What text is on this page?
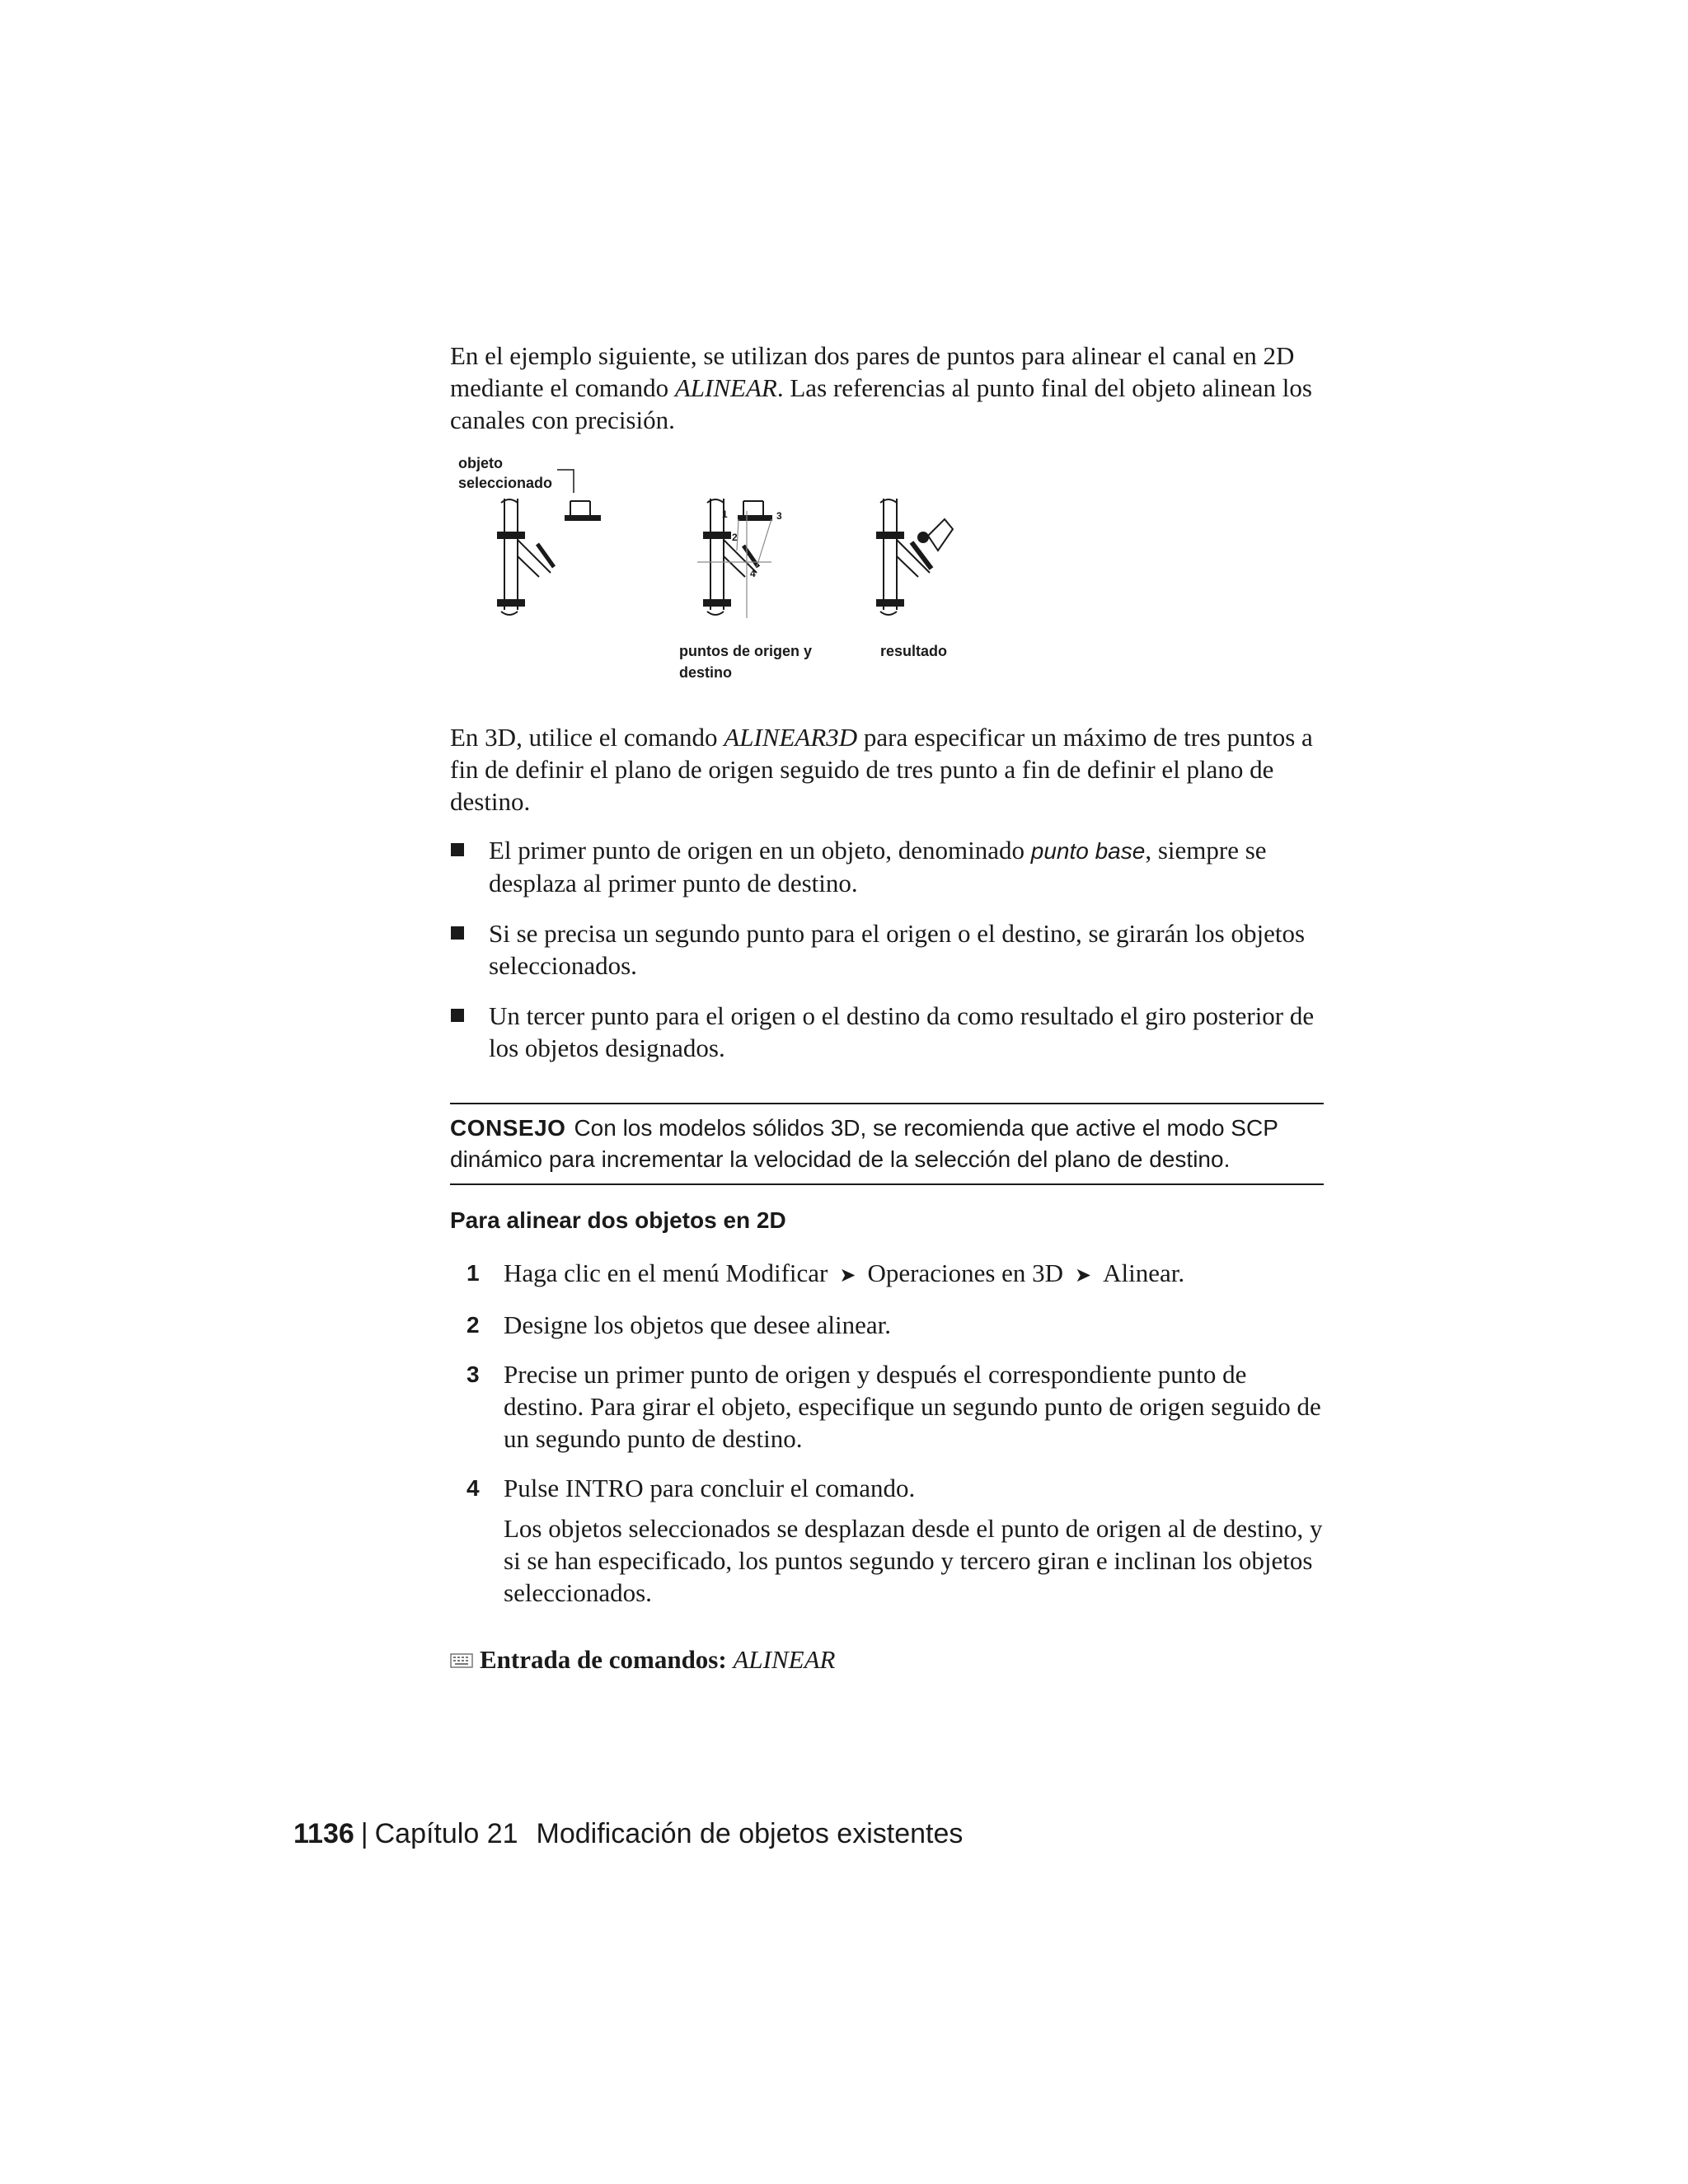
En el ejemplo siguiente, se utilizan dos pares de puntos para alinear el canal en 2D mediante el comando ALINEAR. Las referencias al punto final del objeto alinean los canales con precisión.

objeto
seleccionado
1
2
3
4
puntos de origen y
destino
resultado

En 3D, utilice el comando ALINEAR3D para especificar un máximo de tres puntos a fin de definir el plano de origen seguido de tres punto a fin de definir el plano de destino.

El primer punto de origen en un objeto, denominado punto base, siempre se desplaza al primer punto de destino.
Si se precisa un segundo punto para el origen o el destino, se girarán los objetos seleccionados.
Un tercer punto para el origen o el destino da como resultado el giro posterior de los objetos designados.
CONSEJO Con los modelos sólidos 3D, se recomienda que active el modo SCP dinámico para incrementar la velocidad de la selección del plano de destino.
Para alinear dos objetos en 2D
1 Haga clic en el menú Modificar ➤ Operaciones en 3D ➤ Alinear.
2 Designe los objetos que desee alinear.
3 Precise un primer punto de origen y después el correspondiente punto de destino. Para girar el objeto, especifique un segundo punto de origen seguido de un segundo punto de destino.
4 Pulse INTRO para concluir el comando.

Los objetos seleccionados se desplazan desde el punto de origen al de destino, y si se han especificado, los puntos segundo y tercero giran e inclinan los objetos seleccionados.

Entrada de comandos: ALINEAR
1136 | Capítulo 21 Modificación de objetos existentes
